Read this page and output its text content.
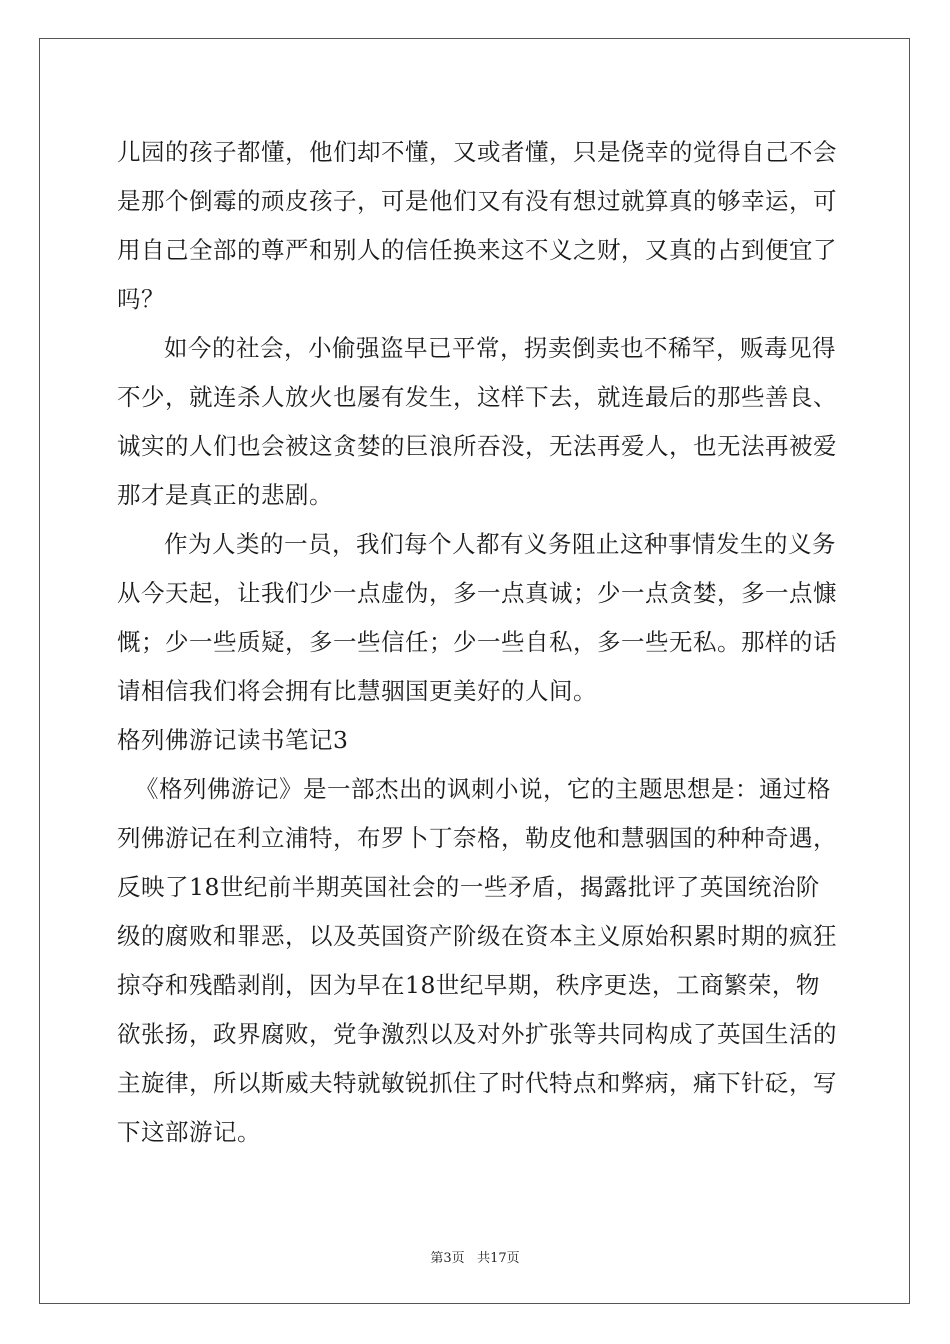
儿园的孩子都懂，他们却不懂，又或者懂，只是侥幸的觉得自己不会
是那个倒霉的顽皮孩子，可是他们又有没有想过就算真的够幸运，可
用自己全部的尊严和别人的信任换来这不义之财，又真的占到便宜了
吗？
如今的社会，小偷强盗早已平常，拐卖倒卖也不稀罕，贩毒见得
不少，就连杀人放火也屡有发生，这样下去，就连最后的那些善良、
诚实的人们也会被这贪婪的巨浪所吞没，无法再爱人，也无法再被爱
那才是真正的悲剧。
作为人类的一员，我们每个人都有义务阻止这种事情发生的义务
从今天起，让我们少一点虚伪，多一点真诚；少一点贪婪，多一点慷
慨；少一些质疑，多一些信任；少一些自私，多一些无私。那样的话
请相信我们将会拥有比慧骃国更美好的人间。
格列佛游记读书笔记3
《格列佛游记》是一部杰出的讽刺小说，它的主题思想是：通过格
列佛游记在利立浦特，布罗卜丁奈格，勒皮他和慧骃国的种种奇遇，
反映了18世纪前半期英国社会的一些矛盾，揭露批评了英国统治阶
级的腐败和罪恶，以及英国资产阶级在资本主义原始积累时期的疯狂
掠夺和残酷剥削，因为早在18世纪早期，秩序更迭，工商繁荣，物
欲张扬，政界腐败，党争激烈以及对外扩张等共同构成了英国生活的
主旋律，所以斯威夫特就敏锐抓住了时代特点和弊病，痛下针砭，写
下这部游记。
第3页 共17页
